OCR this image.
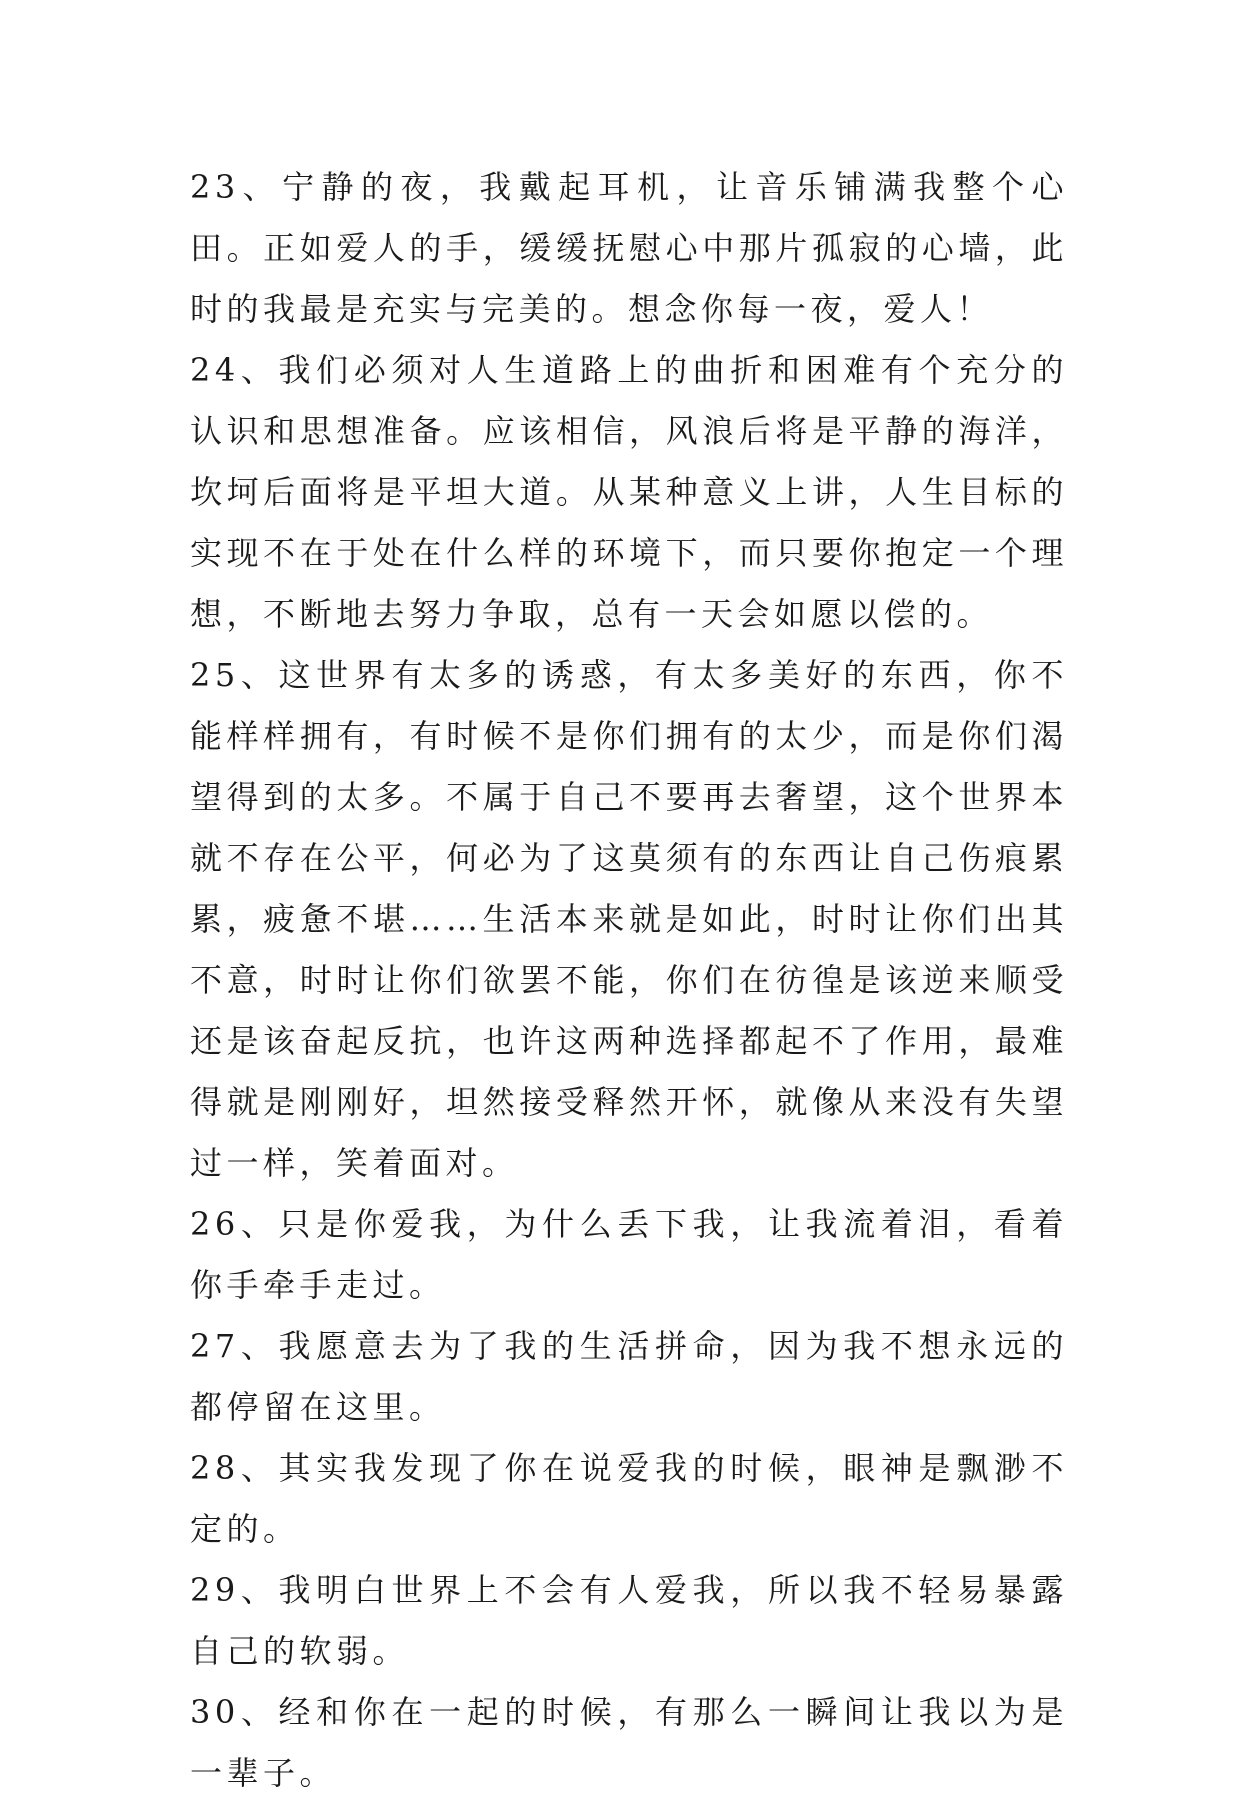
23、宁静的夜，我戴起耳机，让音乐铺满我整个心田。正如爱人的手，缓缓抚慰心中那片孤寂的心墙，此时的我最是充实与完美的。想念你每一夜，爱人！

24、我们必须对人生道路上的曲折和困难有个充分的认识和思想准备。应该相信，风浪后将是平静的海洋，坎坷后面将是平坦大道。从某种意义上讲，人生目标的实现不在于处在什么样的环境下，而只要你抱定一个理想，不断地去努力争取，总有一天会如愿以偿的。

25、这世界有太多的诱惑，有太多美好的东西，你不能样样拥有，有时候不是你们拥有的太少，而是你们渴望得到的太多。不属于自己不要再去奢望，这个世界本就不存在公平，何必为了这莫须有的东西让自己伤痕累累，疲惫不堪……生活本来就是如此，时时让你们出其不意，时时让你们欲罢不能，你们在彷徨是该逆来顺受还是该奋起反抗，也许这两种选择都起不了作用，最难得就是刚刚好，坦然接受释然开怀，就像从来没有失望过一样，笑着面对。

26、只是你爱我，为什么丢下我，让我流着泪，看着你手牵手走过。

27、我愿意去为了我的生活拼命，因为我不想永远的都停留在这里。

28、其实我发现了你在说爱我的时候，眼神是飘渺不定的。

29、我明白世界上不会有人爱我，所以我不轻易暴露自己的软弱。

30、经和你在一起的时候，有那么一瞬间让我以为是一辈子。
